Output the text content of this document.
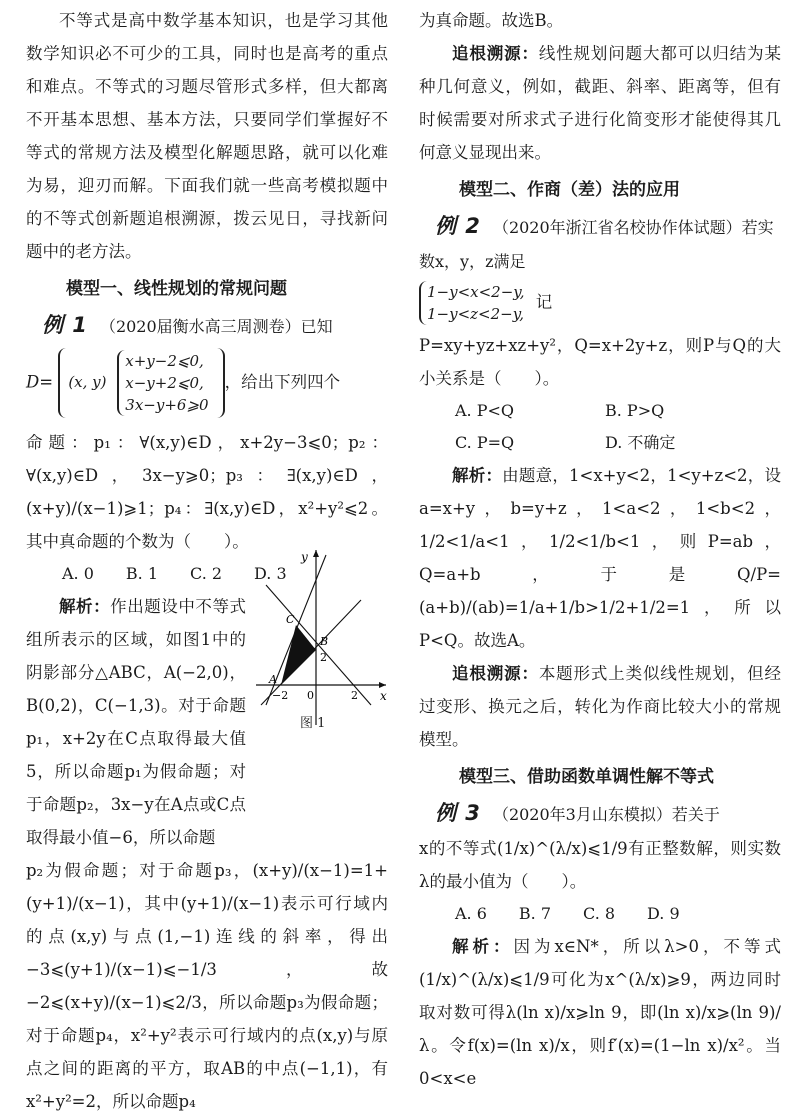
不等式是高中数学基本知识，也是学习其他数学知识必不可少的工具，同时也是高考的重点和难点。不等式的习题尽管形式多样，但大都离不开基本思想、基本方法，只要同学们掌握好不等式的常规方法及模型化解题思路，就可以化难为易，迎刃而解。下面我们就一些高考模拟题中的不等式创新题追根溯源，拨云见日，寻找新问题中的老方法。

模型一、线性规划的常规问题

例 1 （2020届衡水高三周测卷）已知

D= (x, y) x+y−2⩽0,
x−y+2⩽0,
3x−y+6⩾0，给出下列四个

命题：p₁：∀(x,y)∈D，x+2y−3⩽0；p₂：∀(x,y)∈D，3x−y⩾0；p₃：∃(x,y)∈D，(x+y)/(x−1)⩾1；p₄：∃(x,y)∈D，x²+y²⩽2。其中真命题的个数为（　　）。

A. 0 B. 1 C. 2 D. 3

解析：作出题设中不等式组所表示的区域，如图1中的阴影部分△ABC，A(−2,0)，B(0,2)，C(−1,3)。对于命题p₁，x+2y在C点取得最大值5，所以命题p₁为假命题；对于命题p₂，3x−y在A点或C点取得最小值−6，所以命题

p₂为假命题；对于命题p₃，(x+y)/(x−1)=1+(y+1)/(x−1)，其中(y+1)/(x−1)表示可行域内的点(x,y)与点(1,−1)连线的斜率，得出−3⩽(y+1)/(x−1)⩽−1/3，故−2⩽(x+y)/(x−1)⩽2/3，所以命题p₃为假命题；对于命题p₄，x²+y²表示可行域内的点(x,y)与原点之间的距离的平方，取AB的中点(−1,1)，有x²+y²=2，所以命题p₄

y
x
A
B
C
0
−2
2
2
图 1

为真命题。故选B。

追根溯源：线性规划问题大都可以归结为某种几何意义，例如，截距、斜率、距离等，但有时候需要对所求式子进行化简变形才能使得其几何意义显现出来。

模型二、作商（差）法的应用

例 2 （2020年浙江省名校协作体试题）若实数x，y，z满足

1−y<x<2−y,
1−y<z<2−y, 记

P=xy+yz+xz+y²，Q=x+2y+z，则P与Q的大小关系是（　　）。

A. P<Q	B. P>Q
C. P=Q	D. 不确定

解析：由题意，1<x+y<2，1<y+z<2，设a=x+y，b=y+z，1<a<2，1<b<2，1/2<1/a<1，1/2<1/b<1，则P=ab，Q=a+b，于是Q/P=(a+b)/(ab)=1/a+1/b>1/2+1/2=1，所以P<Q。故选A。

追根溯源：本题形式上类似线性规划，但经过变形、换元之后，转化为作商比较大小的常规模型。

模型三、借助函数单调性解不等式

例 3 （2020年3月山东模拟）若关于

x的不等式(1/x)^(λ/x)⩽1/9有正整数解，则实数λ的最小值为（　　）。

A. 6 B. 7 C. 8 D. 9

解析：因为x∈N*，所以λ>0，不等式(1/x)^(λ/x)⩽1/9可化为x^(λ/x)⩾9，两边同时取对数可得λ(ln x)/x⩾ln 9，即(ln x)/x⩾(ln 9)/λ。令f(x)=(ln x)/x，则f′(x)=(1−ln x)/x²。当0<x<e
